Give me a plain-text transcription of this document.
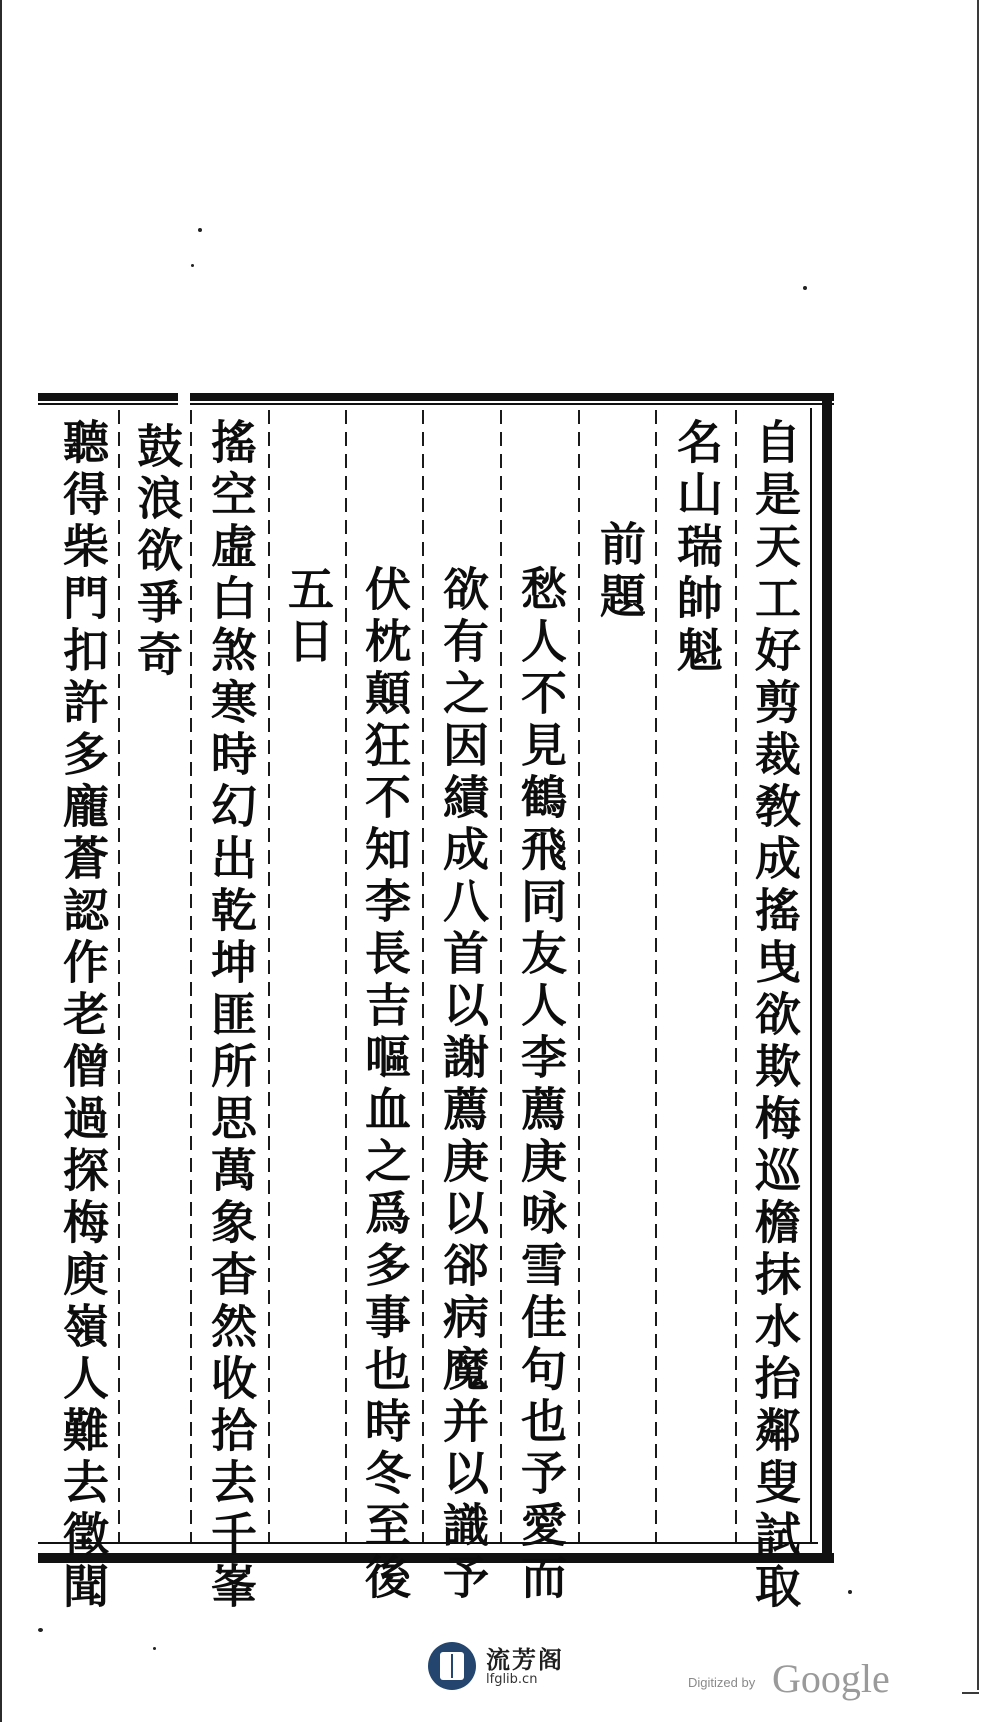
自是天工好剪裁敎成搖曳欲欺梅巡檐抹水抬鄰叟試取
名山瑞帥魁
前題
愁人不見鶴飛同友人李薦庚咏雪佳句也予愛而
欲有之因績成八首以謝薦庚以郤病魔并以識予
伏枕顛狂不知李長吉嘔血之爲多事也時冬至後
五日
搖空虛白煞寒時幻出乾坤匪所思萬象杳然收拾去千峯
鼓浪欲爭奇
聽得柴門扣許多龐蒼認作老僧過探梅庾嶺人難去徵聞
流芳阁
lfglib.cn	Digitized by Google
